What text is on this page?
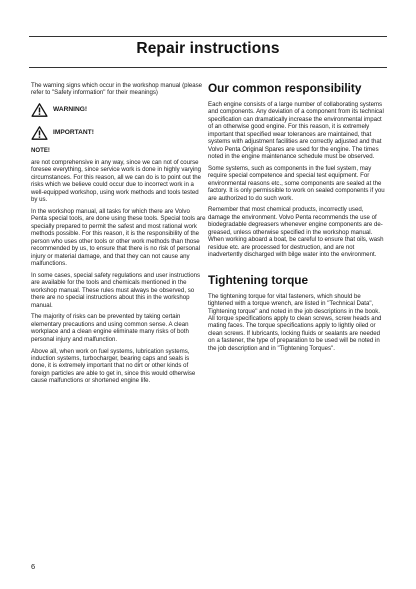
Repair instructions

The warning signs which occur in the workshop manual (please refer to "Safety information" for their meanings)

WARNING!
IMPORTANT!

NOTE!

are not comprehensive in any way, since we can not of course foresee everything, since service work is done in highly varying circumstances. For this reason, all we can do is to point out the risks which we believe could occur due to incorrect work in a well-equipped workshop, using work methods and tools tested by us.

In the workshop manual, all tasks for which there are Volvo Penta special tools, are done using these tools. Special tools are specially prepared to permit the safest and most rational work methods possible. For this reason, it is the responsibility of the person who uses other tools or other work methods than those recommended by us, to ensure that there is no risk of personal injury or material damage, and that they can not cause any malfunctions.

In some cases, special safety regulations and user instructions are available for the tools and chemicals mentioned in the workshop manual. These rules must always be observed, so there are no special instructions about this in the workshop manual.

The majority of risks can be prevented by taking certain elementary precautions and using common sense. A clean workplace and a clean engine eliminate many risks of both personal injury and malfunction.

Above all, when work on fuel systems, lubrication systems, induction systems, turbocharger, bearing caps and seals is done, it is extremely important that no dirt or other kinds of foreign particles are able to get in, since this would otherwise cause malfunctions or shortened engine life.

Our common responsibility

Each engine consists of a large number of collaborating systems and components. Any deviation of a component from its technical specification can dramatically increase the environmental impact of an otherwise good engine. For this reason, it is extremely important that specified wear tolerances are maintained, that systems with adjustment facilities are correctly adjusted and that Volvo Penta Original Spares are used for the engine. The times noted in the engine maintenance schedule must be observed.

Some systems, such as components in the fuel system, may require special competence and special test equipment. For environmental reasons etc., some components are sealed at the factory. It is only permissible to work on sealed components if you are authorized to do such work.

Remember that most chemical products, incorrectly used, damage the environment. Volvo Penta recommends the use of biodegradable degreasers whenever engine components are de-greased, unless otherwise specified in the workshop manual. When working aboard a boat, be careful to ensure that oils, wash residue etc. are processed for destruction, and are not inadvertently discharged with bilge water into the environment.

Tightening torque

The tightening torque for vital fasteners, which should be tightened with a torque wrench, are listed in "Technical Data", Tightening torque" and noted in the job descriptions in the book. All torque specifications apply to clean screws, screw heads and mating faces. The torque specifications apply to lightly oiled or clean screws. If lubricants, locking fluids or sealants are needed on a fastener, the type of preparation to be used will be noted in the job description and in "Tightening Torques".

6
